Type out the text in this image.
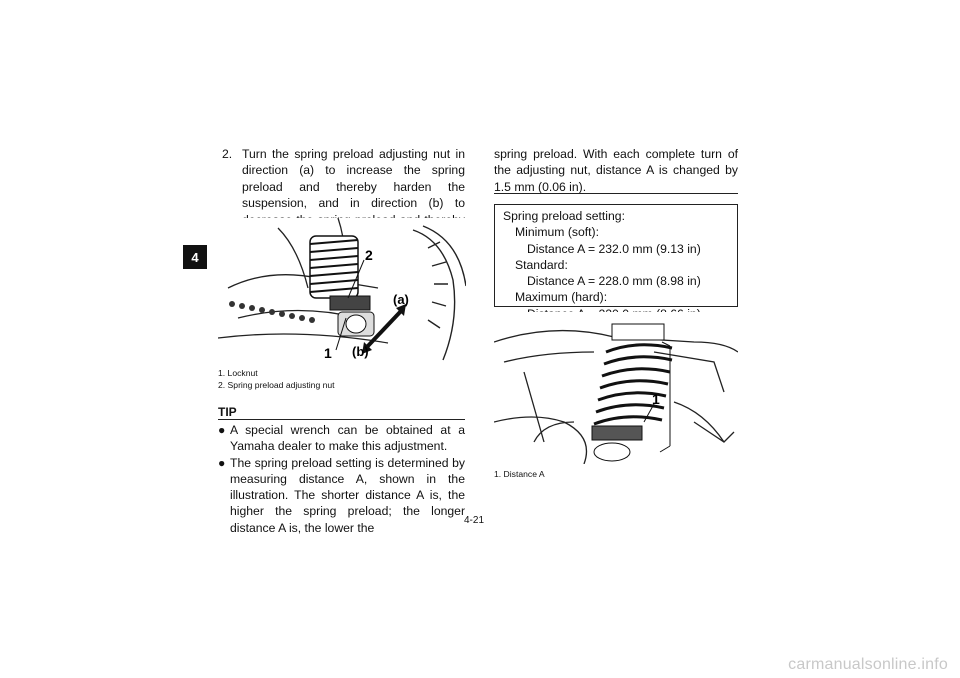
4
2. Turn the spring preload adjusting nut in direction (a) to increase the spring preload and thereby harden the suspension, and in direction (b) to
1
2
(a)
(b)
1. Locknut
2. Spring preload adjusting nut
TIP
● A special wrench can be obtained at a Yamaha dealer to make this adjustment.
● The spring preload setting is determined by measuring distance A, shown in the illustration. The shorter distance A is, the higher the spring preload; the longer distance A is, the lower the
spring preload. With each complete turn of the adjusting nut, distance A is changed by 1.5 mm (0.06 in).
Spring preload setting:
Minimum (soft):
Distance A = 232.0 mm (9.13 in)
Standard:
Distance A = 228.0 mm (8.98 in)
Maximum (hard):
1
1. Distance A
4-21
carmanualsonline.info
